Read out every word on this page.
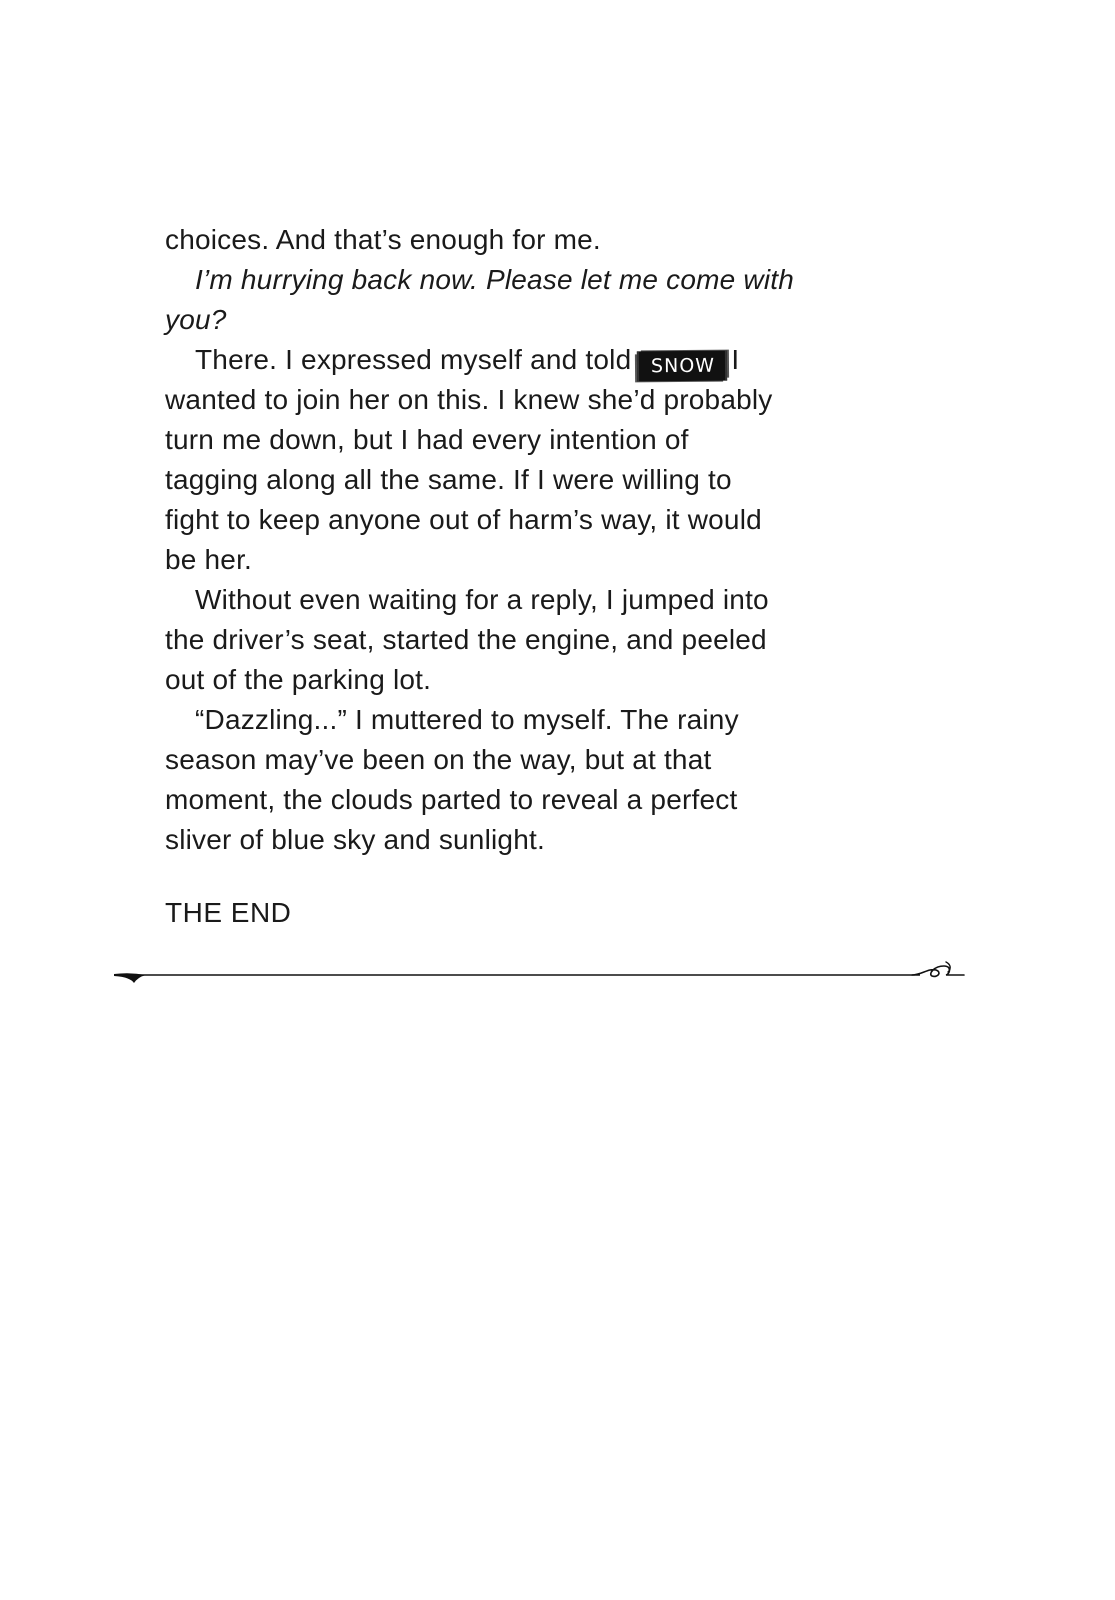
choices. And that’s enough for me.
I’m hurrying back now. Please let me come with
you?
There. I expressed myself and told SNOW I
wanted to join her on this. I knew she’d probably
turn me down, but I had every intention of
tagging along all the same. If I were willing to
fight to keep anyone out of harm’s way, it would
be her.
Without even waiting for a reply, I jumped into
the driver’s seat, started the engine, and peeled
out of the parking lot.
“Dazzling...” I muttered to myself. The rainy
season may’ve been on the way, but at that
moment, the clouds parted to reveal a perfect
sliver of blue sky and sunlight.
THE END
